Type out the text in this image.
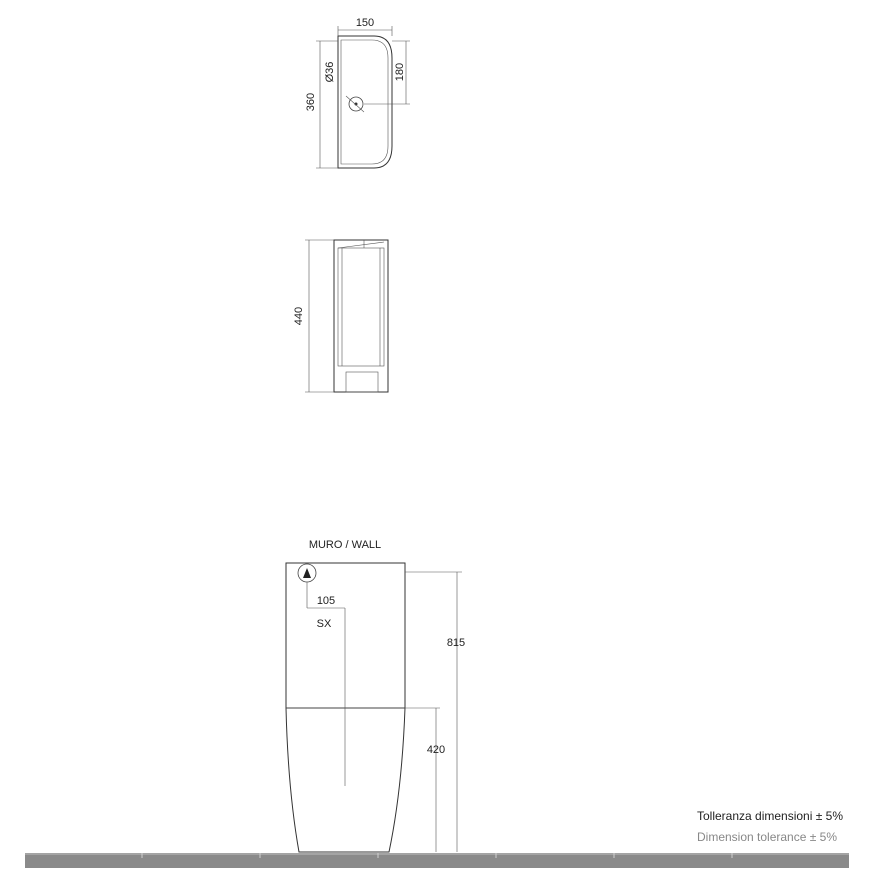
150
180
360
Ø36
440
MURO / WALL
105
SX
815
420
Tolleranza dimensioni ± 5%
Dimension tolerance ± 5%
